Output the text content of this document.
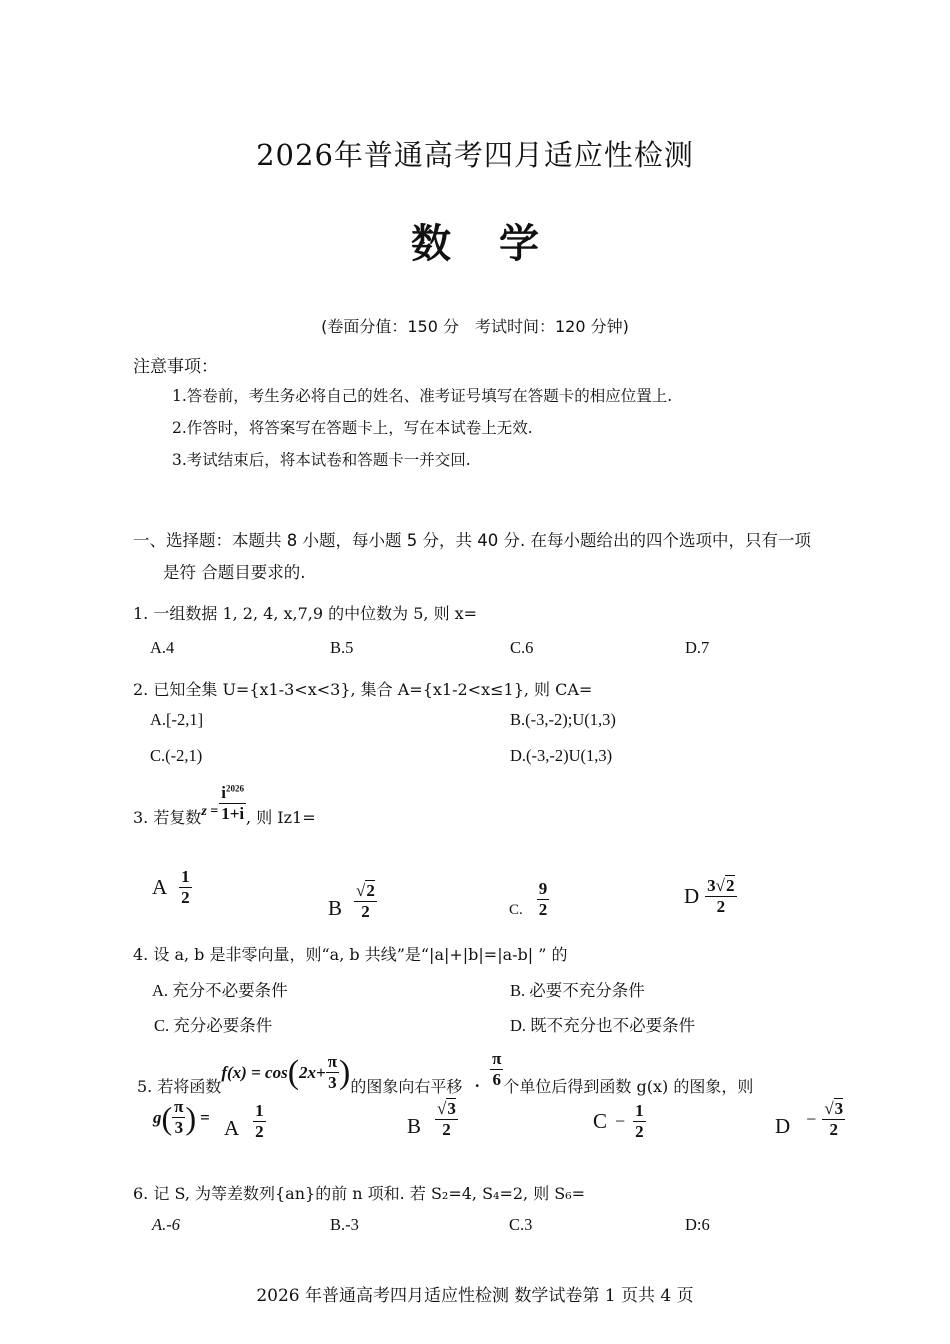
2026年普通高考四月适应性检测
数学
(卷面分值：150 分　考试时间：120 分钟)
注意事项：
1.答卷前，考生务必将自己的姓名、准考证号填写在答题卡的相应位置上.
2.作答时，将答案写在答题卡上，写在本试卷上无效.
3.考试结束后，将本试卷和答题卡一并交回.
一、选择题：本题共 8 小题，每小题 5 分，共 40 分. 在每小题给出的四个选项中，只有一项
是符 合题目要求的.
1. 一组数据 1, 2, 4, x,7,9 的中位数为 5, 则 x=
A.4	B.5	C.6	D.7
2. 已知全集 U={x1-3<x<3}, 集合 A={x1-2<x≤1}, 则 CA=
A.[-2,1]	B.(-3,-2);U(1,3)
C.(-2,1)	D.(-3,-2)U(1,3)
3. 若复数 $z = \frac{i^{2026}}{1+i}$ , 则 Iz1=
A $\frac{1}{2}$
B $\frac{√2}{2}$	C. $\frac{9}{2}$	D $\frac{3√2}{2}$
4. 设 a, b 是非零向量，则“a, b 共线”是“|a|+|b|=|a-b| ” 的
A. 充分不必要条件	B. 必要不充分条件
C. 充分必要条件	D. 既不充分也不必要条件
5. 若将函数
f(x) = cos ( $2x+ \frac{\pi}{3}$ ) 的图象向右平移 · $\frac{\pi}{6}$ 个单位后得到函数 g(x) 的图象，则
g ( $\frac{\pi}{3}$ ) = A $\frac{1}{2}$	B $\frac{√3}{2}$	$C - \frac{1}{2}$	$D - \frac{√3}{2}$
6. 记 S, 为等差数列{an}的前 n 项和. 若 S₂=4, S₄=2, 则 S₆=
A.-6	B.-3	C.3	D:6
2026 年普通高考四月适应性检测 数学试卷第 1 页共 4 页
